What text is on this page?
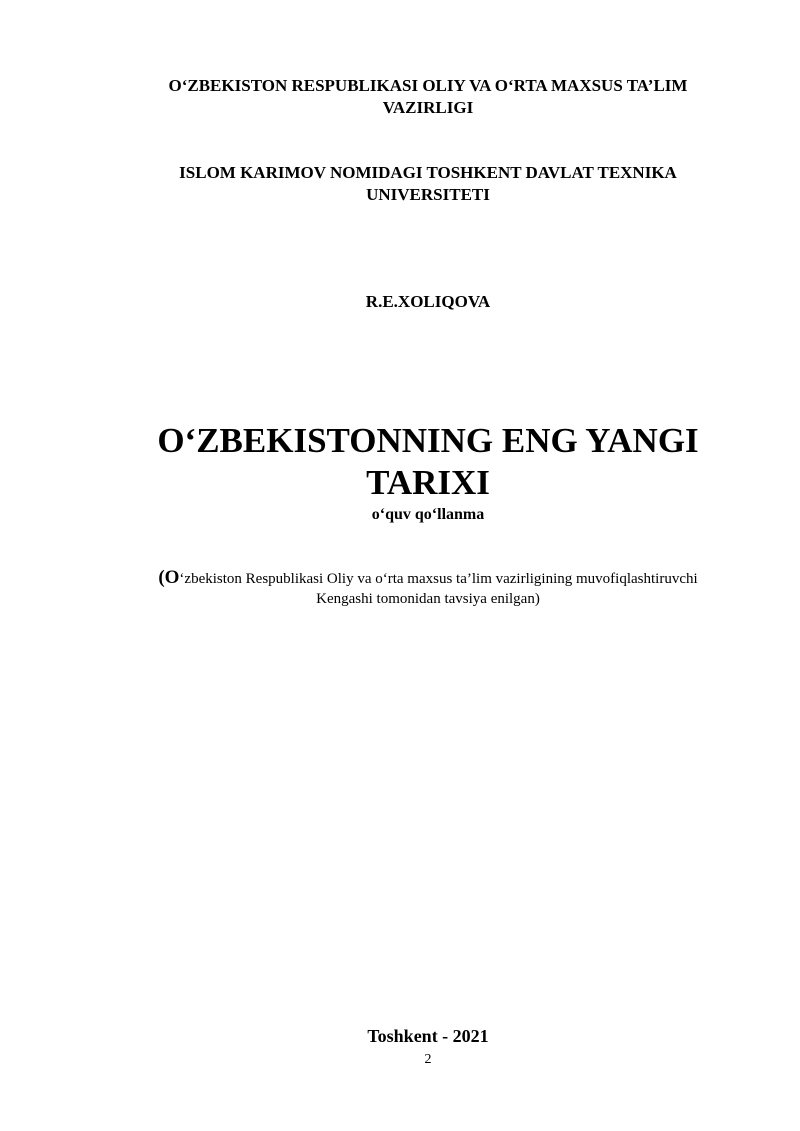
O‘ZBEKISTON RESPUBLIKASI OLIY VA O‘RTA MAXSUS TA’LIM
VAZIRLIGI
ISLOM KARIMOV NOMIDAGI TOSHKENT DAVLAT TEXNIKA
UNIVERSITETI
R.E.XOLIQOVA
O‘ZBEKISTONNING ENG YANGI
TARIXI
o‘quv qo‘llanma
(O‘zbekiston Respublikasi Oliy va o‘rta maxsus ta’lim vazirligining muvofiqlashtiruvchi
Kengashi tomonidan tavsiya enilgan)
Toshkent - 2021
2
